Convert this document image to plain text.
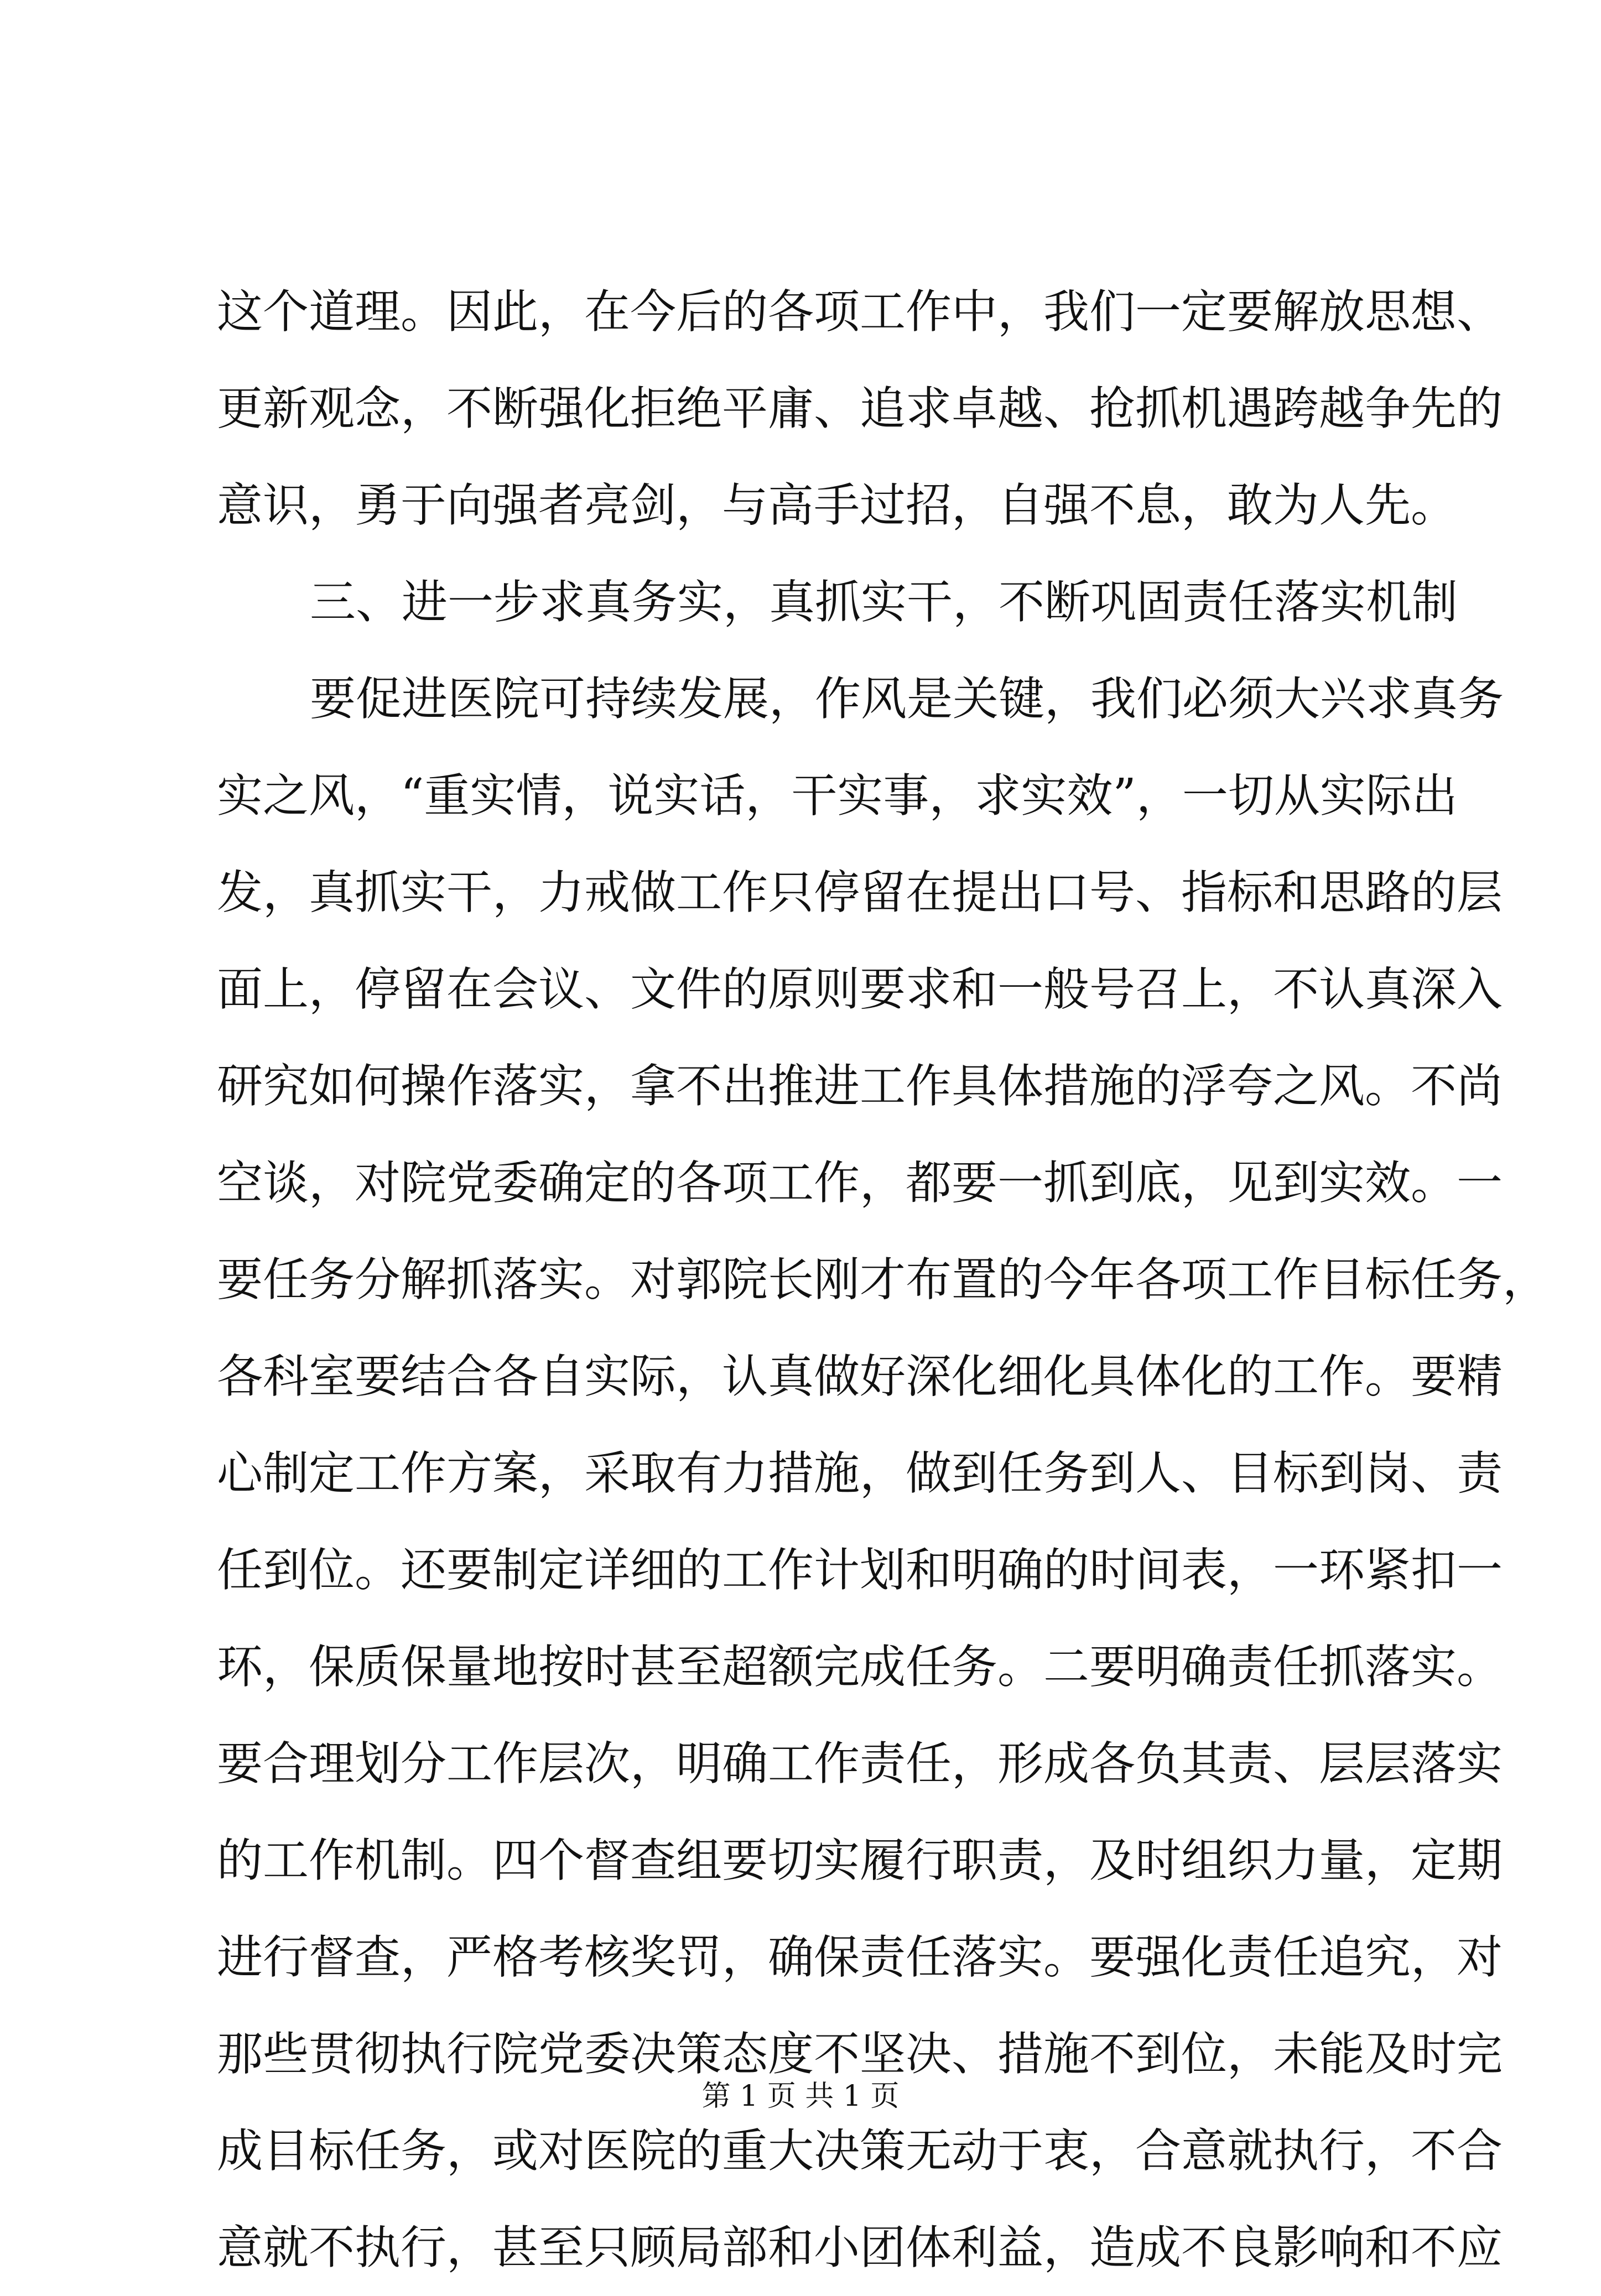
这个道理。因此，在今后的各项工作中，我们一定要解放思想、
更新观念，不断强化拒绝平庸、追求卓越、抢抓机遇跨越争先的
意识，勇于向强者亮剑，与高手过招，自强不息，敢为人先。
三、进一步求真务实，真抓实干，不断巩固责任落实机制
要促进医院可持续发展，作风是关键，我们必须大兴求真务
实之风，“重实情，说实话，干实事，求实效”，一切从实际出
发，真抓实干，力戒做工作只停留在提出口号、指标和思路的层
面上，停留在会议、文件的原则要求和一般号召上，不认真深入
研究如何操作落实，拿不出推进工作具体措施的浮夸之风。不尚
空谈，对院党委确定的各项工作，都要一抓到底，见到实效。一
要任务分解抓落实。对郭院长刚才布置的今年各项工作目标任务，
各科室要结合各自实际，认真做好深化细化具体化的工作。要精
心制定工作方案，采取有力措施，做到任务到人、目标到岗、责
任到位。还要制定详细的工作计划和明确的时间表，一环紧扣一
环，保质保量地按时甚至超额完成任务。二要明确责任抓落实。
要合理划分工作层次，明确工作责任，形成各负其责、层层落实
的工作机制。四个督查组要切实履行职责，及时组织力量，定期
进行督查，严格考核奖罚，确保责任落实。要强化责任追究，对
那些贯彻执行院党委决策态度不坚决、措施不到位，未能及时完
成目标任务，或对医院的重大决策无动于衷，合意就执行，不合
意就不执行，甚至只顾局部和小团体利益，造成不良影响和不应
第 1 页 共 1 页
